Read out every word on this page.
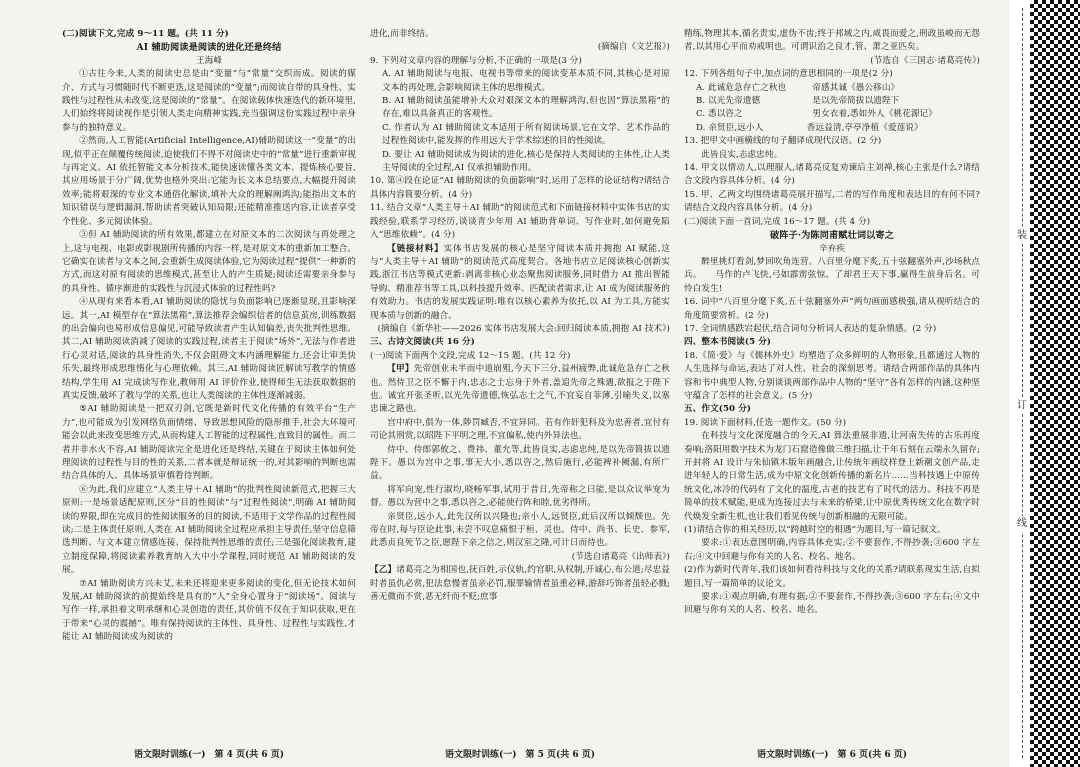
(二)阅读下文,完成 9～11 题。(共 11 分)

AI 辅助阅读是阅读的进化还是终结

王海峰

①古往今来,人类的阅读史总是由“变量”与“常量”交织而成。阅读的媒介、方式与习惯随时代不断更迭,这是阅读的“变量”;而阅读自带的具身性、实践性与过程性从未改变,这是阅读的“常量”。在阅读载体快速迭代的新环境里,人们始终将阅读视作是引领人类走向精神实践,充当强调这份实践过程中亲身参与的独特意义。

②然而,人工智能(Artificial Intelligence,AI)辅助阅读这一“变量”的出现,似乎正在颠覆传统阅读,迫使我们不得不对阅读史中的“常量”进行重新审视与再定义。AI 依托智能文本分析技术,能快速读懂各类文本、提炼核心要旨,其应用场景于分广阔,优势也格外突出:它能为长文本总结要点,大幅提升阅读效率;能将艰深的专业文本通俗化解读,填补大众的理解阐鸿沟;能指出文本的知识错误与逻辑漏洞,帮助读者突破认知局限;还能精准推送内容,让读者享受个性化、多元阅读体验。

③但 AI 辅助阅读的所有效果,都建立在对原文本的二次阅读与再处理之上,这与电视、电影或影视剧所传播的内容一样,是对原文本的重新加工整合。它确实在读者与文本之间,会重新生成阅读体验,它为阅读过程“提供”一种新的方式,而这对原有阅读的思维模式,甚至让人的产生质疑;阅读还需要亲身参与的具身性、循序渐进的实践性与沉浸式体验的过程性吗?

④从现有来看本看,AI 辅助阅读的隐忧与负面影响已逐渐显现,且影响深远。其一,AI 模型存在“算法黑箱”,算法推荐会编织信者的信息茧房,训练数据的出会偏向也易形成信息偏见,可能导致读者产生认知偏差,丧失批判性思维。其二,AI 辅助阅读消减了阅读的实践过程,读者主于阅读“场外”,无法与作者进行心灵对话,阅读的具身性消失,不仅会阻碍文本内涵理解能力,还会让审美快乐失,最终形成思维惰化与心理依赖。其三,AI 辅助阅读匠解读写教学的情感结构,学生用 AI 完成读写作业,教师用 AI 评价作业,使得师生无法获取数据的真实反馈,破坏了教与学的关系,也让人类阅读的主体性逐渐减弱。

⑤AI 辅助阅读是一把双刃剑,它既是新时代文化传播的有效平台“生产力”,也可能成为引发网络负面情绪、导致思想风险的隐形推手,社会大环境可能会以此来改变思维方式,从而构建人工智能的过程属性,直致目的属性。而二者并非水火不容,AI 辅助阅读完全是进化还是终结,关键在于阅读主体如何处理阅读的过程性与目的性的关系,二者本就是辩证统一的,对其影响的判断也需结合具体的人、具体场景审慎看待判断。

⑥为此,我们应建立“人类主导＋AI 辅助”的批判性阅读新范式,把握三大原则:一是场景适配原则,区分“目的性阅读”与“过程性阅读”,明确 AI 辅助阅读的界限,即在完成目的性阅读服务的目的阅读,不适用于文学作品的过程性阅读;二是主体责任原则,人类在 AI 辅助阅读全过程应承担主导责任,坚守信息筛选判断、与文本建立情感连接、保持批判性思维的责任;三是强化阅读教育,建立制度保障,将阅读素养教育纳入大中小学课程,同时规范 AI 辅助阅读的发展。

⑦AI 辅助阅读方兴未艾,未来还将迎来更多阅读的变化,但无论技术如何发展,AI 辅助阅读的前提始终是具有的“人”全身心置身于“阅读场”。阅读与写作一样,承担着文明承继和心灵创造的责任,其价值不仅在于知识获取,更在于带来“心灵的震撼”。唯有保持阅读的主体性、具身性、过程性与实践性,才能让 AI 辅助阅读成为阅读的

进化,而非终结。

(摘编自《文艺报》)

9. 下列对文章内容的理解与分析,不正确的一项是(3 分)

A. AI 辅助阅读与电报、电视书等带来的阅读变革本质不同,其核心是对原文本的再处理,会影响阅读主体的思维模式。

B. AI 辅助阅读虽能增补大众对艰深文本的理解鸿沟,但也因“算法黑箱”的存在,难以具备真正的客观性。

C. 作者认为 AI 辅助阅读文本适用于所有阅读场景,它在文学、艺术作品的过程性阅读中,能发挥的作用远大于学术综述的目的性阅读。

D. 要让 AI 辅助阅读成为阅读的进化,核心是保持人类阅读的主体性,让人类主导阅读的全过程,AI 仅承担辅助作用。

10. 第④段在论证“AI 辅助阅读的负面影响”时,运用了怎样的论证结构?请结合具体内容简要分析。(4 分)

11. 结合文章“人类主导＋AI 辅助”的阅读范式和下面链接材料中实体书店的实践经验,联系学习经历,谈谈青少年用 AI 辅助背单词、写作业时,如何避免陷入“思维依赖”。(4 分)

【链接材料】实体书店发展的核心是坚守阅读本质并拥抱 AI 赋能,这与“人类主导＋AI 辅助”的阅读范式高度契合。各地书店立足阅读核心创新实践,浙江书店等模式更新:剥离非核心业态聚焦阅读服务,同时借力 AI 推出智能导购、精准荐书等工具,以科技提升效率、匹配读者需求,让 AI 成为阅读服务的有效助力。书店的发展实践证明:唯有以核心素养为依托,以 AI 为工具,方能实现本质与创新的融合。

(摘编自《新华社——2026 实体书店发展大会:回归阅读本质,拥抱 AI 技术》)

三、古诗文阅读(共 16 分)

(一)阅读下面两个文段,完成 12～15 题。(共 12 分)

【甲】先帝创业未半而中道崩殂,今天下三分,益州疲弊,此诚危急存亡之秋也。然侍卫之臣不懈于内,忠志之士忘身于外者,盖追先帝之殊遇,欲报之于陛下也。诚宜开张圣听,以光先帝遗德,恢弘志士之气,不宜妄自菲薄,引喻失义,以塞忠谏之路也。

宫中府中,俱为一体,陟罚臧否,不宜异同。若有作奸犯科及为忠善者,宜付有司论其刑赏,以昭陛下平明之理,不宜偏私,使内外异法也。

侍中、侍郎郭攸之、费祎、董允等,此皆良实,志虑忠纯,是以先帝简拔以遗陛下。愚以为宫中之事,事无大小,悉以咨之,然后施行,必能裨补阙漏,有所广益。

将军向宠,性行淑均,晓畅军事,试用于昔日,先帝称之曰能,是以众议举宠为督。愚以为营中之事,悉以咨之,必能使行阵和睦,优劣得所。

亲贤臣,远小人,此先汉所以兴隆也;亲小人,远贤臣,此后汉所以倾颓也。先帝在时,每与臣论此事,未尝不叹息痛恨于桓、灵也。侍中、尚书、长史、参军,此悉贞良死节之臣,愿陛下亲之信之,则汉室之隆,可计日而待也。

(节选自诸葛亮《出师表》)

【乙】诸葛亮之为相国也,抚百姓,示仪轨,约官职,从权制,开诚心,布公道;尽忠益时者虽仇必赏,犯法怠慢者虽亲必罚,服罪输情者虽重必释,游辞巧饰者虽轻必戮;善无微而不赏,恶无纤而不贬;庶事

精练,物理其本,循名责实,虚伪不齿;终于邦域之内,咸畏而爱之,刑政虽峻而无怨者,以其用心平而劝戒明也。可谓识治之良才,管、萧之亚匹矣。

(节选自《三国志·诸葛亮传》)

12. 下列各组句子中,加点词的意思相同的一项是(2 分)

A. 此诚危急存亡之秋也　　　帝感其诚《愚公移山》

B. 以光先帝遗德　　　　　　是以先帝简拔以遗陛下

C. 悉以咨之　　　　　　　　男女衣着,悉如外人《桃花源记》

D. 亲贤臣,远小人　　　　　香远益清,亭亭净植《爱莲说》

13. 把甲文中画横线的句子翻译成现代汉语。(2 分)

此皆良实,志虑忠纯。

14. 甲文以情动人,以理服人,诸葛亮反复劝谏后主刘禅,核心主张是什么?请结合文段内容具体分析。(4 分)

15. 甲、乙两文均围绕诸葛亮展开描写,二者的写作角度和表达目的有何不同?请结合文段内容具体分析。(4 分)

(二)阅读下面一首词,完成 16～17 题。(共 4 分)

破阵子·为陈同甫赋壮词以寄之

辛弃疾

醉里挑灯看剑,梦回吹角连营。八百里分麾下炙,五十弦翻塞外声,沙场秋点兵。　　马作的卢飞快,弓如霹雳弦惊。了却君王天下事,赢得生前身后名。可怜白发生!

16. 词中“八百里分麾下炙,五十弦翻塞外声”两句画面感极强,请从视听结合的角度简要赏析。(2 分)

17. 全词情感跌宕起伏,结合词句分析词人表达的复杂情感。(2 分)

四、整本书阅读(5 分)

18.《简·爱》与《儒林外史》均塑造了众多鲜明的人物形象,且都通过人物的人生选择与命运,表达了对人性、社会的深刻思考。请结合两部作品的具体内容和书中典型人物,分别谈谈两部作品中人物的“坚守”各有怎样的内涵,这种坚守蕴含了怎样的社会意义。(5 分)

五、作文(50 分)

19. 阅读下面材料,任选一题作文。(50 分)

在科技与文化深度融合的今天,AI 算法重展非遗,让河南失传的古乐再度奏响;洛阳用数字技术为龙门石窟造像做三维扫描,让千年石刻在云端永久留存;开封将 AI 设计与朱仙镇木版年画融合,让传统年画纹样登上新潮文创产品,走进年轻人的日常生活,成为中原文化创新传播的新名片……当科技遇上中原传统文化,冰冷的代码有了文化的温度,古老的技艺有了时代的活力。科技不再是简单的技术赋能,更成为连接过去与未来的桥梁,让中原优秀传统文化在数字时代焕发全新生机,也让我们看见传统与创新相融的无限可能。

(1)请结合你的相关经历,以“跨越时空的相遇”为题目,写一篇记叙文。

要求:①表达意图明确,内容具体充实;②不要套作,不得抄袭;③600 字左右;④文中回避与你有关的人名、校名、地名。

(2)作为新时代青年,我们该如何看待科技与文化的关系?请联系现实生活,自拟题目,写一篇简单的议论文。

要求:①观点明确,有理有据;②不要套作,不得抄袭;③600 字左右;④文中回避与你有关的人名、校名、地名。

语文限时训练(一)　第 4 页(共 6 页)	语文限时训练(一)　第 5 页(共 6 页)	语文限时训练(一)　第 6 页(共 6 页)
装
订
线
